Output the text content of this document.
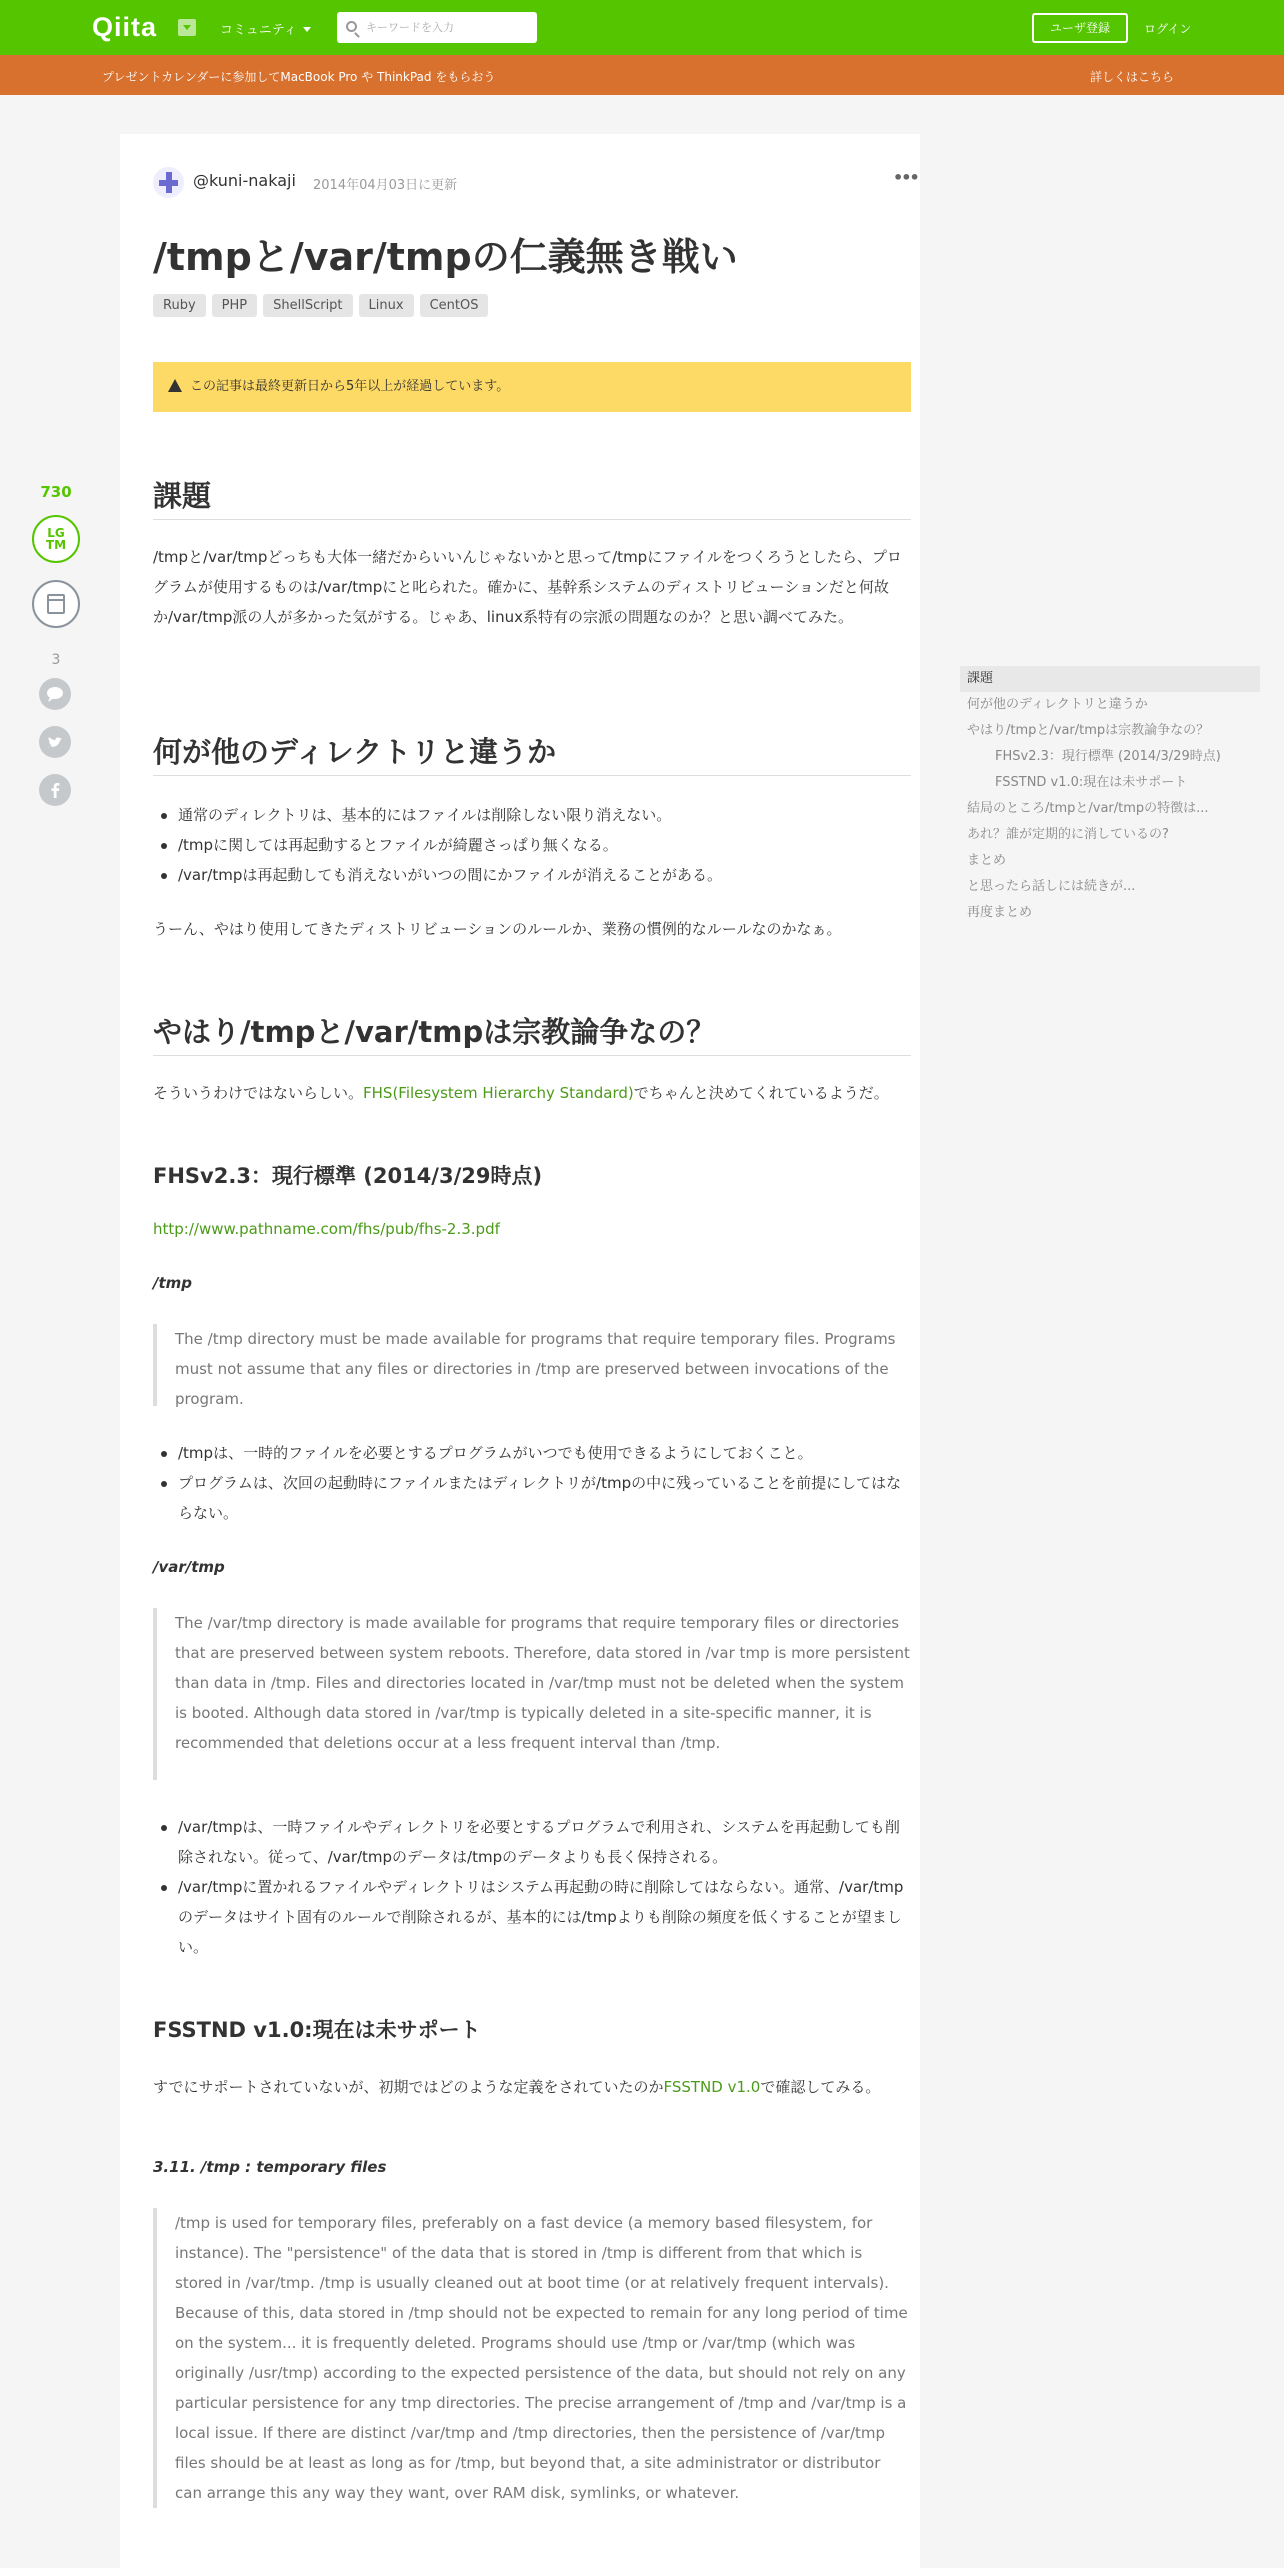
Qiita	コミュニティ
キーワードを入力	ユーザ登録	ログイン
プレゼントカレンダーに参加してMacBook Pro や ThinkPad をもらおう	詳しくはこちら
730
LG
TM
3
@kuni-nakaji 2014年04月03日に更新	•••
/tmpと/var/tmpの仁義無き戦い
Ruby PHP ShellScript Linux CentOS
この記事は最終更新日から5年以上が経過しています。
課題

/tmpと/var/tmpどっちも大体一緒だからいいんじゃないかと思って/tmpにファイルをつくろうとしたら、プログラムが使用するものは/var/tmpにと叱られた。確かに、基幹系システムのディストリビューションだと何故か/var/tmp派の人が多かった気がする。じゃあ、linux系特有の宗派の問題なのか？と思い調べてみた。

何が他のディレクトリと違うか
通常のディレクトリは、基本的にはファイルは削除しない限り消えない。
/tmpに関しては再起動するとファイルが綺麗さっぱり無くなる。
/var/tmpは再起動しても消えないがいつの間にかファイルが消えることがある。

うーん、やはり使用してきたディストリビューションのルールか、業務の慣例的なルールなのかなぁ。

やはり/tmpと/var/tmpは宗教論争なの？

そういうわけではないらしい。FHS(Filesystem Hierarchy Standard)でちゃんと決めてくれているようだ。

FHSv2.3：現行標準 (2014/3/29時点)
http://www.pathname.com/fhs/pub/fhs-2.3.pdf
/tmp
The /tmp directory must be made available for programs that require temporary files. Programs must not assume that any files or directories in /tmp are preserved between invocations of the program.
/tmpは、一時的ファイルを必要とするプログラムがいつでも使用できるようにしておくこと。
プログラムは、次回の起動時にファイルまたはディレクトリが/tmpの中に残っていることを前提にしてはならない。
/var/tmp
The /var/tmp directory is made available for programs that require temporary files or directories that are preserved between system reboots. Therefore, data stored in /var tmp is more persistent than data in /tmp. Files and directories located in /var/tmp must not be deleted when the system is booted. Although data stored in /var/tmp is typically deleted in a site-specific manner, it is recommended that deletions occur at a less frequent interval than /tmp.
/var/tmpは、一時ファイルやディレクトリを必要とするプログラムで利用され、システムを再起動しても削除されない。従って、/var/tmpのデータは/tmpのデータよりも長く保持される。
/var/tmpに置かれるファイルやディレクトリはシステム再起動の時に削除してはならない。通常、/var/tmpのデータはサイト固有のルールで削除されるが、基本的には/tmpよりも削除の頻度を低くすることが望ましい。
FSSTND v1.0:現在は未サポート

すでにサポートされていないが、初期ではどのような定義をされていたのかFSSTND v1.0で確認してみる。

3.11. /tmp : temporary files
/tmp is used for temporary files, preferably on a fast device (a memory based filesystem, for instance). The "persistence" of the data that is stored in /tmp is different from that which is stored in /var/tmp. /tmp is usually cleaned out at boot time (or at relatively frequent intervals). Because of this, data stored in /tmp should not be expected to remain for any long period of time on the system... it is frequently deleted. Programs should use /tmp or /var/tmp (which was originally /usr/tmp) according to the expected persistence of the data, but should not rely on any particular persistence for any tmp directories. The precise arrangement of /tmp and /var/tmp is a local issue. If there are distinct /var/tmp and /tmp directories, then the persistence of /var/tmp files should be at least as long as for /tmp, but beyond that, a site administrator or distributor can arrange this any way they want, over RAM disk, symlinks, or whatever.
課題
何が他のディレクトリと違うか
やはり/tmpと/var/tmpは宗教論争なの？
FHSv2.3：現行標準 (2014/3/29時点)
FSSTND v1.0:現在は未サポート
結局のところ/tmpと/var/tmpの特徴は...
あれ？誰が定期的に消しているの?
まとめ
と思ったら話しには続きが...
再度まとめ
